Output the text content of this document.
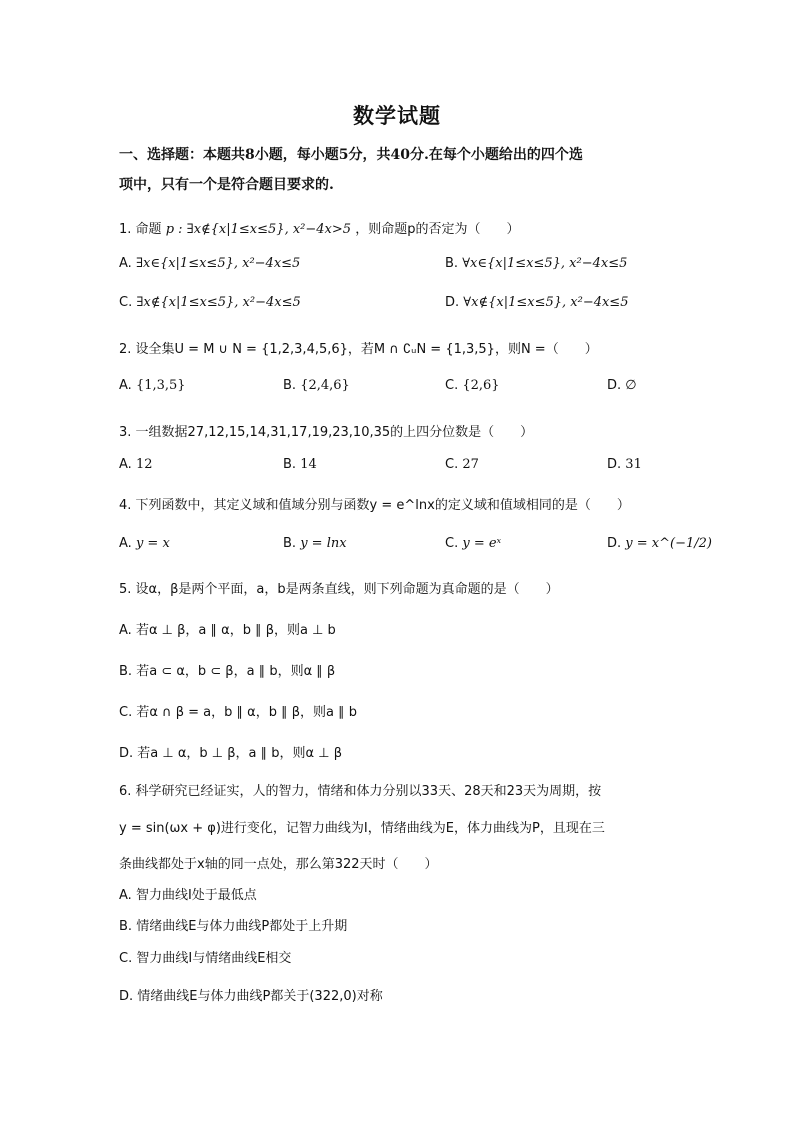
数学试题
一、选择题：本题共8小题，每小题5分，共40分.在每个小题给出的四个选
项中，只有一个是符合题目要求的.
1. 命题 p : ∃x∉{x|1≤x≤5}, x²−4x>5 ，则命题p的否定为（　　）
A. ∃x∈{x|1≤x≤5}, x²−4x≤5	B. ∀x∈{x|1≤x≤5}, x²−4x≤5
C. ∃x∉{x|1≤x≤5}, x²−4x≤5	D. ∀x∉{x|1≤x≤5}, x²−4x≤5
2. 设全集U = M ∪ N = {1,2,3,4,5,6}，若M ∩ ∁ᵤN = {1,3,5}，则N =（　　）
A. {1,3,5}	B. {2,4,6}	C. {2,6}	D. ∅
3. 一组数据27,12,15,14,31,17,19,23,10,35的上四分位数是（　　）
A. 12	B. 14	C. 27	D. 31
4. 下列函数中，其定义域和值域分别与函数y = e^lnx的定义域和值域相同的是（　　）
A. y = x	B. y = lnx	C. y = eˣ	D. y = x^(−1/2)
5. 设α，β是两个平面，a，b是两条直线，则下列命题为真命题的是（　　）
A. 若α ⊥ β，a ∥ α，b ∥ β，则a ⊥ b
B. 若a ⊂ α，b ⊂ β，a ∥ b，则α ∥ β
C. 若α ∩ β = a，b ∥ α，b ∥ β，则a ∥ b
D. 若a ⊥ α，b ⊥ β，a ∥ b，则α ⊥ β
6. 科学研究已经证实，人的智力，情绪和体力分别以33天、28天和23天为周期，按
y = sin(ωx + φ)进行变化，记智力曲线为I，情绪曲线为E，体力曲线为P，且现在三
条曲线都处于x轴的同一点处，那么第322天时（　　）
A. 智力曲线I处于最低点
B. 情绪曲线E与体力曲线P都处于上升期
C. 智力曲线I与情绪曲线E相交
D. 情绪曲线E与体力曲线P都关于(322,0)对称
